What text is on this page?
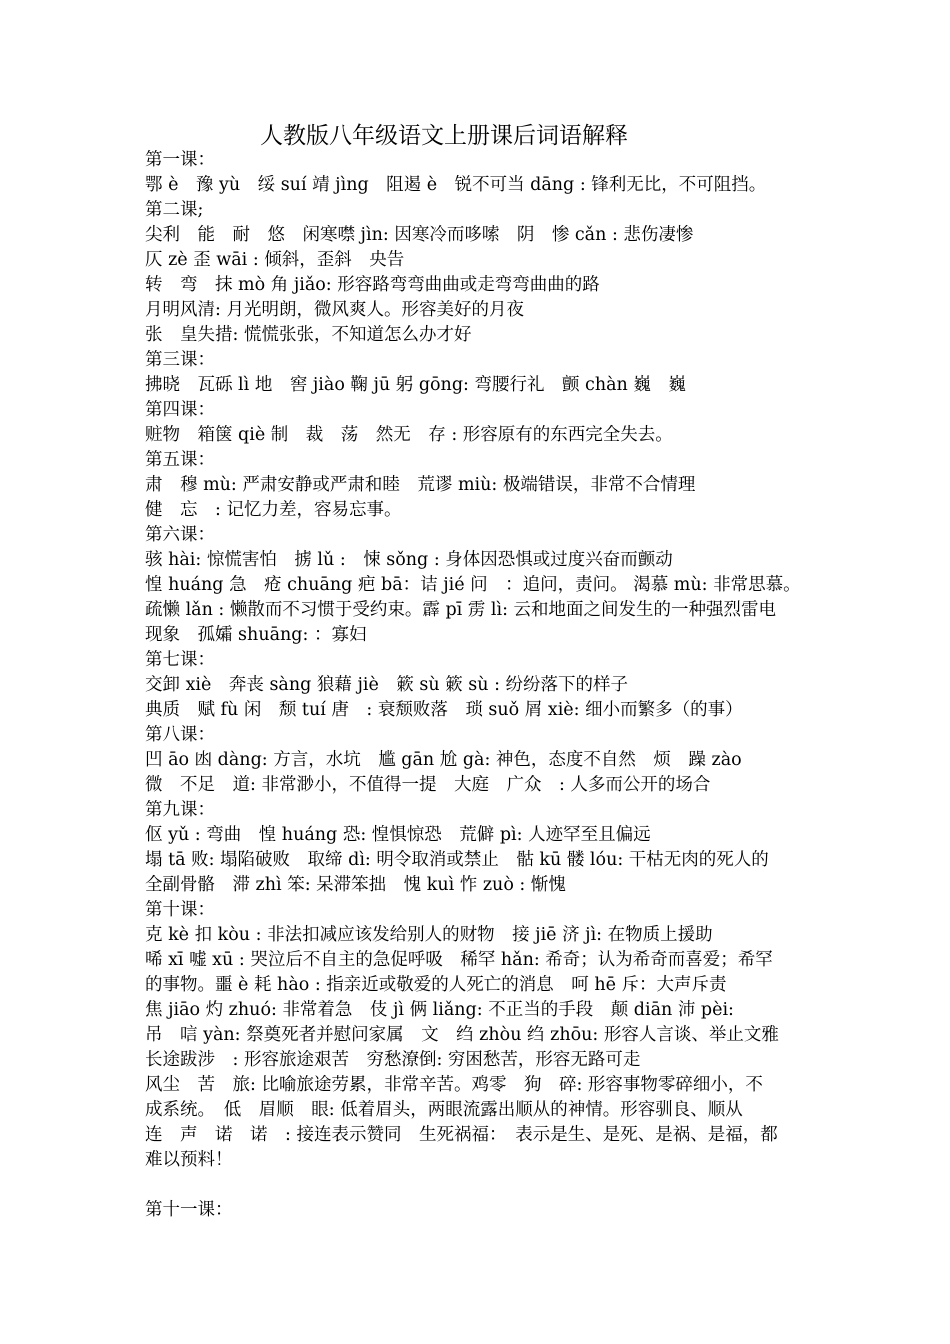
人教版八年级语文上册课后词语解释
第一课：
鄂 è　豫 yù　绥 suí 靖 jìng　阻遏 è　锐不可当 dāng : 锋利无比，不可阻挡。
第二课;
尖利　能　耐　悠　闲寒噤 jìn: 因寒冷而哆嗦　阴　惨 cǎn : 悲伤凄惨
仄 zè 歪 wāi : 倾斜，歪斜　央告
转　弯　抹 mò 角 jiǎo: 形容路弯弯曲曲或走弯弯曲曲的路
月明风清: 月光明朗，微风爽人。形容美好的月夜
张　皇失措: 慌慌张张，不知道怎么办才好
第三课：
拂晓　瓦砾 lì 地　窖 jiào 鞠 jū 躬 gōng: 弯腰行礼　颤 chàn 巍　巍
第四课：
赃物　箱箧 qiè 制　裁　荡　然无　存 : 形容原有的东西完全失去。
第五课：
肃　穆 mù: 严肃安静或严肃和睦　荒谬 miù: 极端错误，非常不合情理
健　忘　: 记忆力差，容易忘事。
第六课：
骇 hài: 惊慌害怕　掳 lǔ :　悚 sǒng : 身体因恐惧或过度兴奋而颤动
惶 huáng 急　疮 chuāng 疤 bā：诘 jié 问　：追问，责问。 渴慕 mù: 非常思慕。
疏懒 lǎn : 懒散而不习惯于受约束。霹 pī 雳 lì: 云和地面之间发生的一种强烈雷电
现象　孤孀 shuāng: ：寡妇
第七课：
交卸 xiè　奔丧 sàng 狼藉 jiè　簌 sù 簌 sù : 纷纷落下的样子
典质　赋 fù 闲　颓 tuí 唐　: 衰颓败落　琐 suǒ 屑 xiè: 细小而繁多（的事）
第八课：
凹 āo 凼 dàng: 方言，水坑　尴 gān 尬 gà: 神色，态度不自然　烦　躁 zào
微　不足　道: 非常渺小，不值得一提　大庭　广众　: 人多而公开的场合
第九课：
伛 yǔ : 弯曲　惶 huáng 恐: 惶惧惊恐　荒僻 pì: 人迹罕至且偏远
塌 tā 败: 塌陷破败　取缔 dì: 明令取消或禁止　骷 kū 髅 lóu: 干枯无肉的死人的
全副骨骼　滞 zhì 笨: 呆滞笨拙　愧 kuì 怍 zuò : 惭愧
第十课：
克 kè 扣 kòu : 非法扣减应该发给别人的财物　接 jiē 济 jì: 在物质上援助
唏 xī 嘘 xū : 哭泣后不自主的急促呼吸　稀罕 hǎn: 希奇；认为希奇而喜爱；希罕
的事物。噩 è 耗 hào : 指亲近或敬爱的人死亡的消息　呵 hē 斥：大声斥责
焦 jiāo 灼 zhuó: 非常着急　伎 jì 俩 liǎng: 不正当的手段　颠 diān 沛 pèi:
吊　唁 yàn: 祭奠死者并慰问家属　文　绉 zhòu 绉 zhōu: 形容人言谈、举止文雅
长途跋涉　: 形容旅途艰苦　穷愁潦倒: 穷困愁苦，形容无路可走
风尘　苦　旅: 比喻旅途劳累，非常辛苦。鸡零　狗　碎: 形容事物零碎细小，不
成系统。　低　眉顺　眼: 低着眉头，两眼流露出顺从的神情。形容驯良、顺从
连　声　诺　诺　: 接连表示赞同　生死祸福：　表示是生、是死、是祸、是福，都
难以预料！
第十一课：
